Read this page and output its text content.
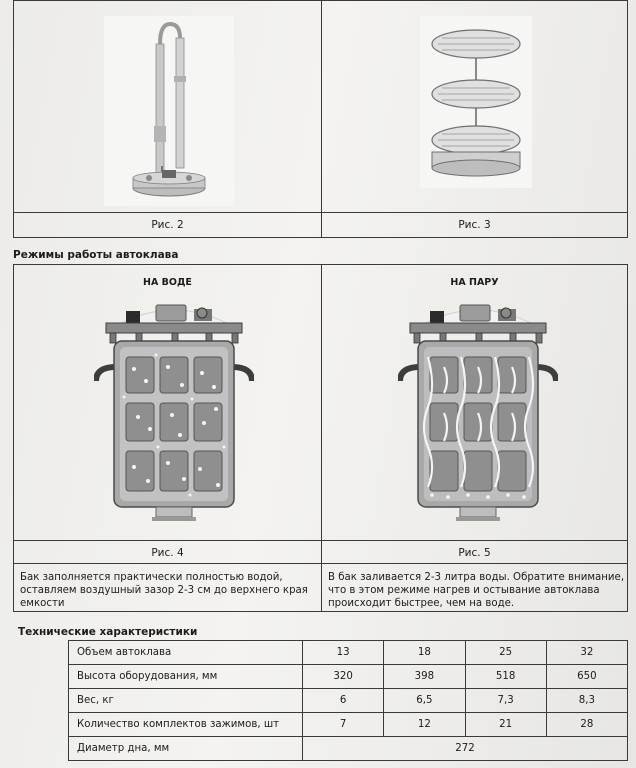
Рис. 2	Рис. 3
Режимы работы автоклава
НА ВОДЕ
Рис. 4
Бак заполняется практически полностью водой,
оставляем воздушный зазор 2-3 см до верхнего края
емкости
НА ПАРУ
Рис. 5
В бак заливается 2-3 литра воды. Обратите внимание,
что в этом режиме нагрев и остывание автоклава
происходит быстрее, чем на воде.
Технические характеристики
Объем автоклава	13	18	25	32
Высота оборудования, мм	320	398	518	650
Вес, кг	6	6,5	7,3	8,3
Количество комплектов зажимов, шт	7	12	21	28
Диаметр дна, мм	272			
